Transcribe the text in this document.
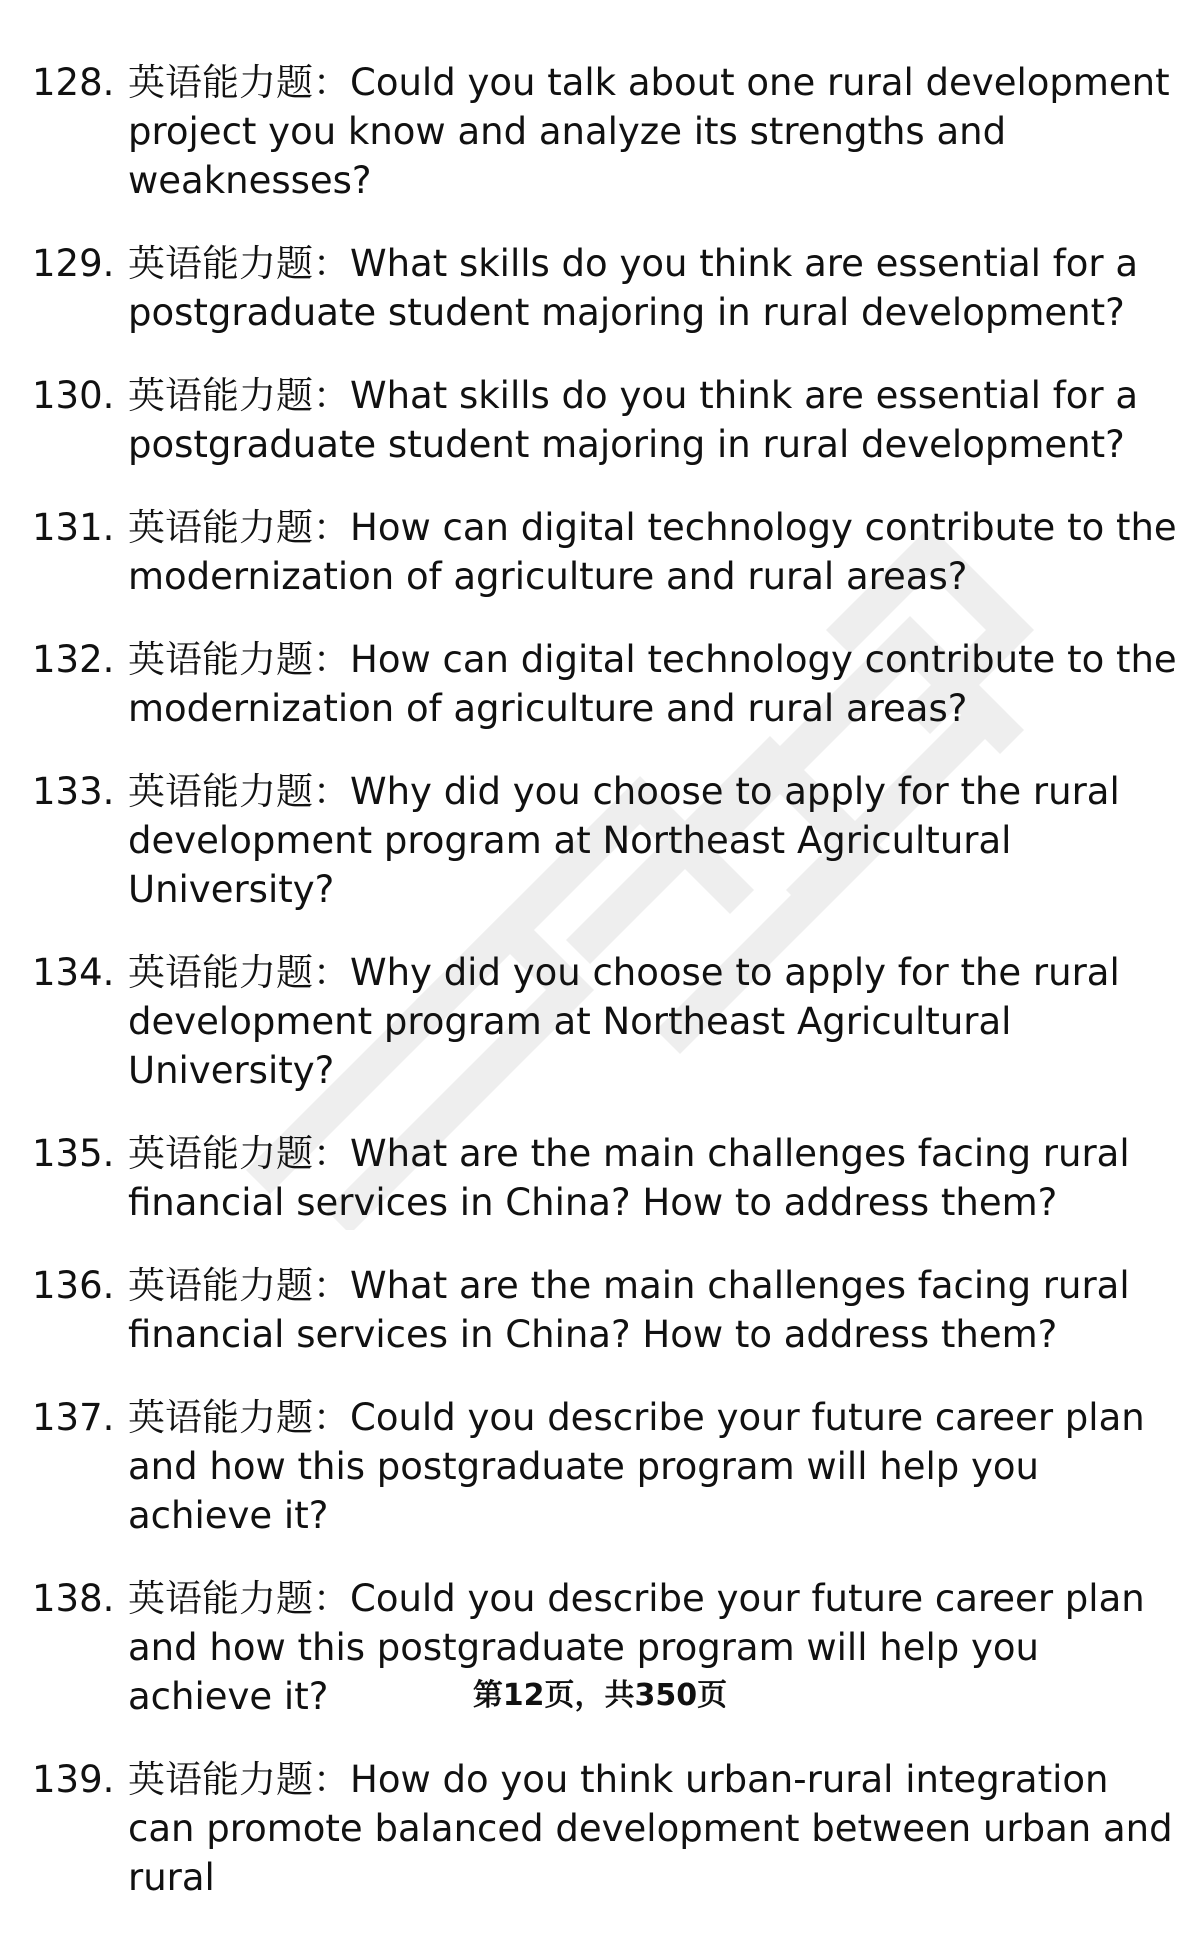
128. 英语能力题：Could you talk about one rural development project you know and analyze its strengths and weaknesses?
129. 英语能力题：What skills do you think are essential for a postgraduate student majoring in rural development?
130. 英语能力题：What skills do you think are essential for a postgraduate student majoring in rural development?
131. 英语能力题：How can digital technology contribute to the modernization of agriculture and rural areas?
132. 英语能力题：How can digital technology contribute to the modernization of agriculture and rural areas?
133. 英语能力题：Why did you choose to apply for the rural development program at Northeast Agricultural University?
134. 英语能力题：Why did you choose to apply for the rural development program at Northeast Agricultural University?
135. 英语能力题：What are the main challenges facing rural financial services in China? How to address them?
136. 英语能力题：What are the main challenges facing rural financial services in China? How to address them?
137. 英语能力题：Could you describe your future career plan and how this postgraduate program will help you achieve it?
138. 英语能力题：Could you describe your future career plan and how this postgraduate program will help you achieve it?
139. 英语能力题：How do you think urban-rural integration can promote balanced development between urban and rural
第12页，共350页
